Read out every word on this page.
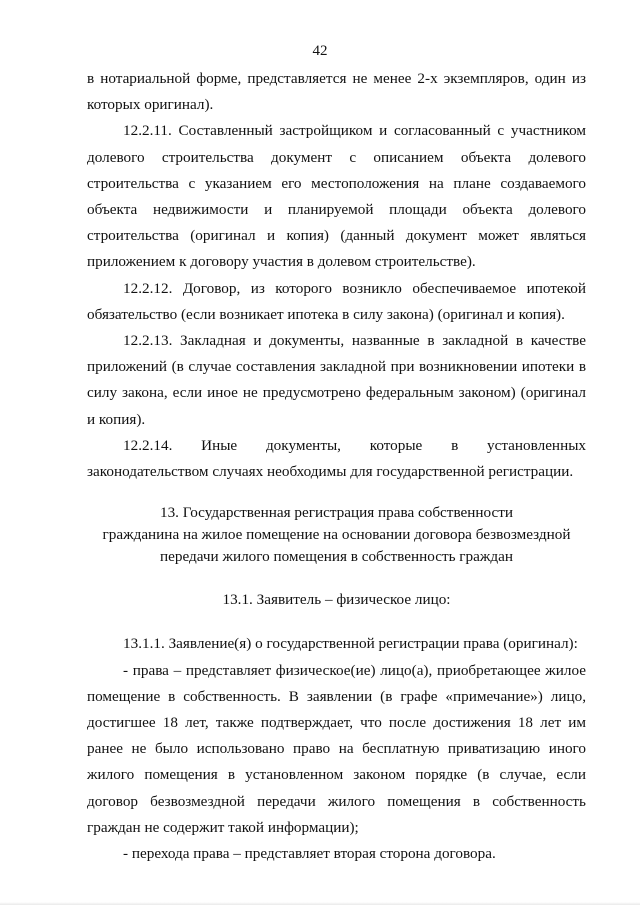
42

в нотариальной форме, представляется не менее 2-х экземпляров, один из которых оригинал).

12.2.11. Составленный застройщиком и согласованный с участником долевого строительства документ с описанием объекта долевого строительства с указанием его местоположения на плане создаваемого объекта недвижимости и планируемой площади объекта долевого строительства (оригинал и копия) (данный документ может являться приложением к договору участия в долевом строительстве).

12.2.12. Договор, из которого возникло обеспечиваемое ипотекой обязательство (если возникает ипотека в силу закона) (оригинал и копия).

12.2.13. Закладная и документы, названные в закладной в качестве приложений (в случае составления закладной при возникновении ипотеки в силу закона, если иное не предусмотрено федеральным законом) (оригинал и копия).

12.2.14. Иные документы, которые в установленных законодательством случаях необходимы для государственной регистрации.

13. Государственная регистрация права собственности

гражданина на жилое помещение на основании договора безвозмездной

передачи жилого помещения в собственность граждан

13.1. Заявитель – физическое лицо:

13.1.1. Заявление(я) о государственной регистрации права (оригинал):

- права – представляет физическое(ие) лицо(а), приобретающее жилое помещение в собственность. В заявлении (в графе «примечание») лицо, достигшее 18 лет, также подтверждает, что после достижения 18 лет им ранее не было использовано право на бесплатную приватизацию иного жилого помещения в установленном законом порядке (в случае, если договор безвозмездной передачи жилого помещения в собственность граждан не содержит такой информации);

- перехода права – представляет вторая сторона договора.
